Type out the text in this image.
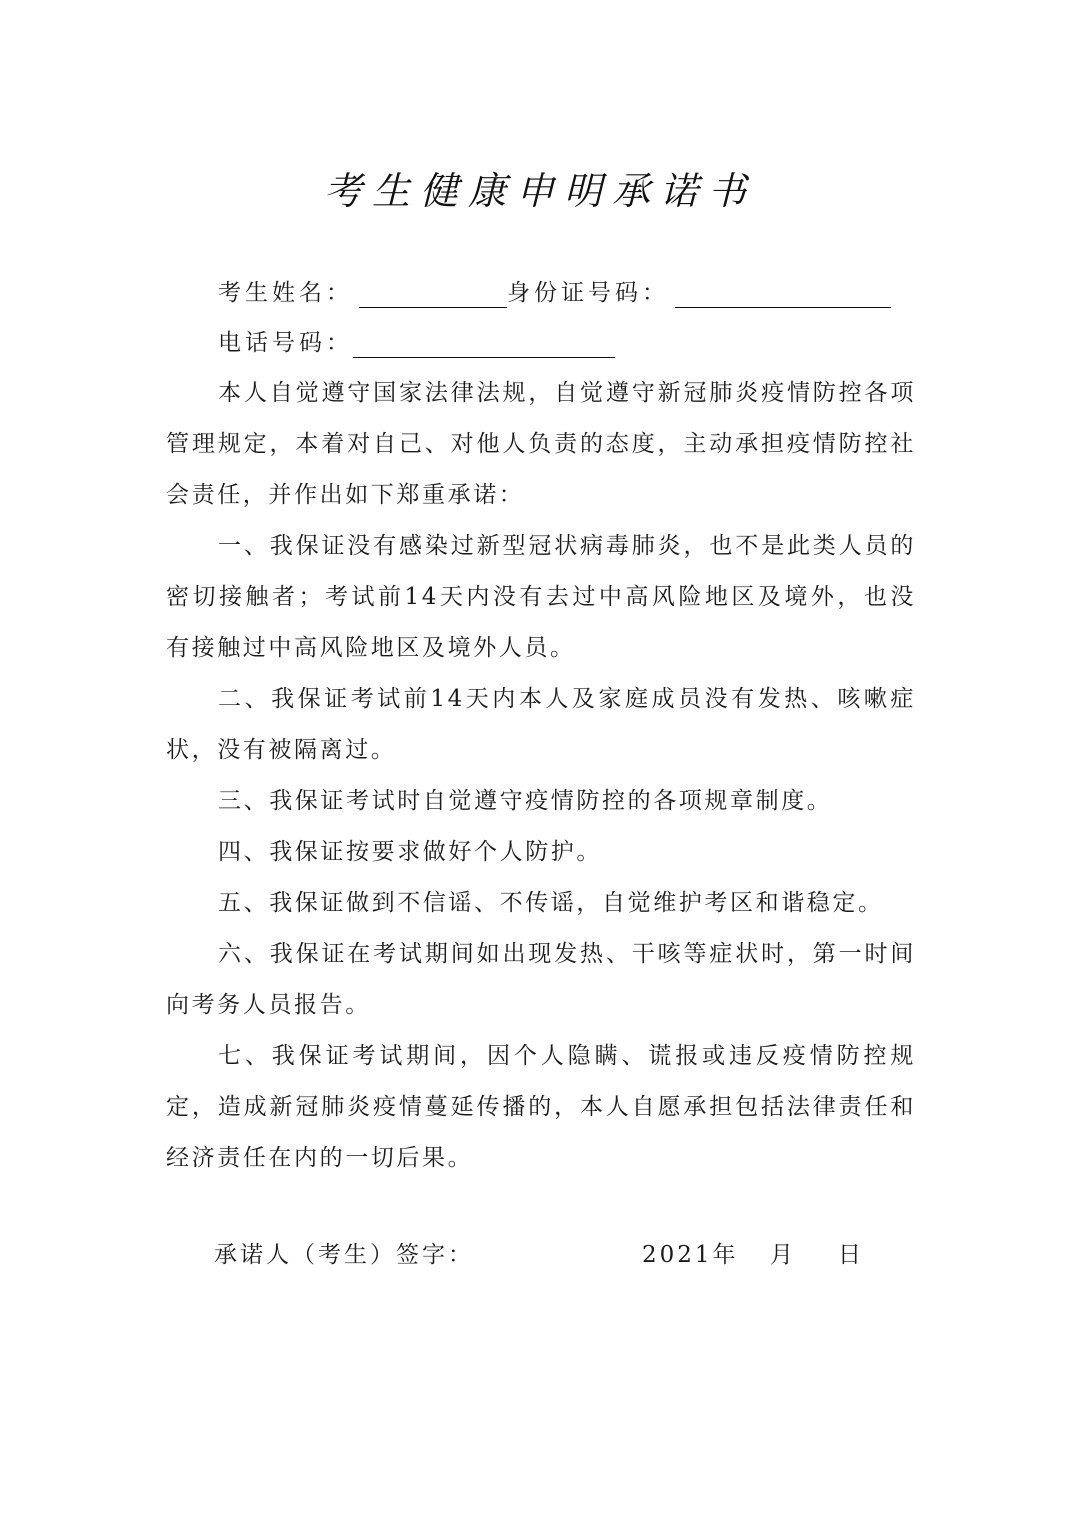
考生健康申明承诺书
考生姓名：	身份证号码：
电话号码：

本人自觉遵守国家法律法规，自觉遵守新冠肺炎疫情防控各项管理规定，本着对自己、对他人负责的态度，主动承担疫情防控社会责任，并作出如下郑重承诺：

一、我保证没有感染过新型冠状病毒肺炎，也不是此类人员的密切接触者；考试前14天内没有去过中高风险地区及境外，也没有接触过中高风险地区及境外人员。

二、我保证考试前14天内本人及家庭成员没有发热、咳嗽症状，没有被隔离过。

三、我保证考试时自觉遵守疫情防控的各项规章制度。

四、我保证按要求做好个人防护。

五、我保证做到不信谣、不传谣，自觉维护考区和谐稳定。

六、我保证在考试期间如出现发热、干咳等症状时，第一时间向考务人员报告。

七、我保证考试期间，因个人隐瞒、谎报或违反疫情防控规定，造成新冠肺炎疫情蔓延传播的，本人自愿承担包括法律责任和经济责任在内的一切后果。

承诺人（考生）签字：	2021年 月 日
